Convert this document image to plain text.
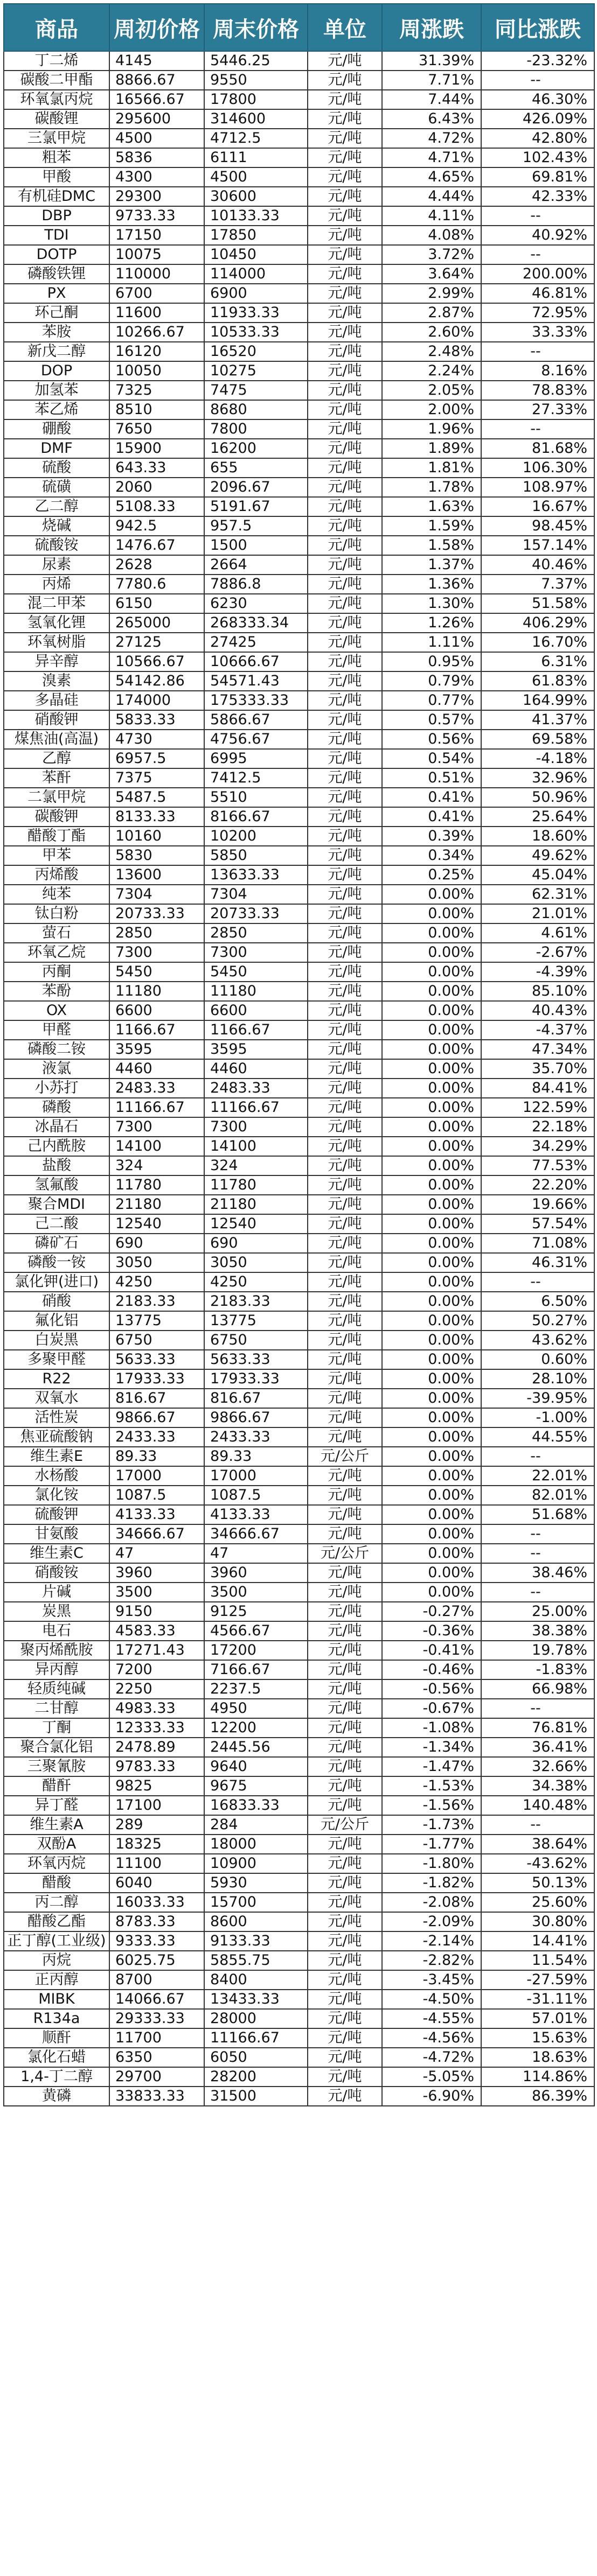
商品	周初价格	周末价格	单位	周涨跌	同比涨跌
丁二烯	4145	5446.25	元/吨	31.39%	-23.32%
碳酸二甲酯	8866.67	9550	元/吨	7.71%	--
环氧氯丙烷	16566.67	17800	元/吨	7.44%	46.30%
碳酸锂	295600	314600	元/吨	6.43%	426.09%
三氯甲烷	4500	4712.5	元/吨	4.72%	42.80%
粗苯	5836	6111	元/吨	4.71%	102.43%
甲酸	4300	4500	元/吨	4.65%	69.81%
有机硅DMC	29300	30600	元/吨	4.44%	42.33%
DBP	9733.33	10133.33	元/吨	4.11%	--
TDI	17150	17850	元/吨	4.08%	40.92%
DOTP	10075	10450	元/吨	3.72%	--
磷酸铁锂	110000	114000	元/吨	3.64%	200.00%
PX	6700	6900	元/吨	2.99%	46.81%
环己酮	11600	11933.33	元/吨	2.87%	72.95%
苯胺	10266.67	10533.33	元/吨	2.60%	33.33%
新戊二醇	16120	16520	元/吨	2.48%	--
DOP	10050	10275	元/吨	2.24%	8.16%
加氢苯	7325	7475	元/吨	2.05%	78.83%
苯乙烯	8510	8680	元/吨	2.00%	27.33%
硼酸	7650	7800	元/吨	1.96%	--
DMF	15900	16200	元/吨	1.89%	81.68%
硫酸	643.33	655	元/吨	1.81%	106.30%
硫磺	2060	2096.67	元/吨	1.78%	108.97%
乙二醇	5108.33	5191.67	元/吨	1.63%	16.67%
烧碱	942.5	957.5	元/吨	1.59%	98.45%
硫酸铵	1476.67	1500	元/吨	1.58%	157.14%
尿素	2628	2664	元/吨	1.37%	40.46%
丙烯	7780.6	7886.8	元/吨	1.36%	7.37%
混二甲苯	6150	6230	元/吨	1.30%	51.58%
氢氧化锂	265000	268333.34	元/吨	1.26%	406.29%
环氧树脂	27125	27425	元/吨	1.11%	16.70%
异辛醇	10566.67	10666.67	元/吨	0.95%	6.31%
溴素	54142.86	54571.43	元/吨	0.79%	61.83%
多晶硅	174000	175333.33	元/吨	0.77%	164.99%
硝酸钾	5833.33	5866.67	元/吨	0.57%	41.37%
煤焦油(高温)	4730	4756.67	元/吨	0.56%	69.58%
乙醇	6957.5	6995	元/吨	0.54%	-4.18%
苯酐	7375	7412.5	元/吨	0.51%	32.96%
二氯甲烷	5487.5	5510	元/吨	0.41%	50.96%
碳酸钾	8133.33	8166.67	元/吨	0.41%	25.64%
醋酸丁酯	10160	10200	元/吨	0.39%	18.60%
甲苯	5830	5850	元/吨	0.34%	49.62%
丙烯酸	13600	13633.33	元/吨	0.25%	45.04%
纯苯	7304	7304	元/吨	0.00%	62.31%
钛白粉	20733.33	20733.33	元/吨	0.00%	21.01%
萤石	2850	2850	元/吨	0.00%	4.61%
环氧乙烷	7300	7300	元/吨	0.00%	-2.67%
丙酮	5450	5450	元/吨	0.00%	-4.39%
苯酚	11180	11180	元/吨	0.00%	85.10%
OX	6600	6600	元/吨	0.00%	40.43%
甲醛	1166.67	1166.67	元/吨	0.00%	-4.37%
磷酸二铵	3595	3595	元/吨	0.00%	47.34%
液氯	4460	4460	元/吨	0.00%	35.70%
小苏打	2483.33	2483.33	元/吨	0.00%	84.41%
磷酸	11166.67	11166.67	元/吨	0.00%	122.59%
冰晶石	7300	7300	元/吨	0.00%	22.18%
己内酰胺	14100	14100	元/吨	0.00%	34.29%
盐酸	324	324	元/吨	0.00%	77.53%
氢氟酸	11780	11780	元/吨	0.00%	22.20%
聚合MDI	21180	21180	元/吨	0.00%	19.66%
己二酸	12540	12540	元/吨	0.00%	57.54%
磷矿石	690	690	元/吨	0.00%	71.08%
磷酸一铵	3050	3050	元/吨	0.00%	46.31%
氯化钾(进口)	4250	4250	元/吨	0.00%	--
硝酸	2183.33	2183.33	元/吨	0.00%	6.50%
氟化铝	13775	13775	元/吨	0.00%	50.27%
白炭黑	6750	6750	元/吨	0.00%	43.62%
多聚甲醛	5633.33	5633.33	元/吨	0.00%	0.60%
R22	17933.33	17933.33	元/吨	0.00%	28.10%
双氧水	816.67	816.67	元/吨	0.00%	-39.95%
活性炭	9866.67	9866.67	元/吨	0.00%	-1.00%
焦亚硫酸钠	2433.33	2433.33	元/吨	0.00%	44.55%
维生素E	89.33	89.33	元/公斤	0.00%	--
水杨酸	17000	17000	元/吨	0.00%	22.01%
氯化铵	1087.5	1087.5	元/吨	0.00%	82.01%
硫酸钾	4133.33	4133.33	元/吨	0.00%	51.68%
甘氨酸	34666.67	34666.67	元/吨	0.00%	--
维生素C	47	47	元/公斤	0.00%	--
硝酸铵	3960	3960	元/吨	0.00%	38.46%
片碱	3500	3500	元/吨	0.00%	--
炭黑	9150	9125	元/吨	-0.27%	25.00%
电石	4583.33	4566.67	元/吨	-0.36%	38.38%
聚丙烯酰胺	17271.43	17200	元/吨	-0.41%	19.78%
异丙醇	7200	7166.67	元/吨	-0.46%	-1.83%
轻质纯碱	2250	2237.5	元/吨	-0.56%	66.98%
二甘醇	4983.33	4950	元/吨	-0.67%	--
丁酮	12333.33	12200	元/吨	-1.08%	76.81%
聚合氯化铝	2478.89	2445.56	元/吨	-1.34%	36.41%
三聚氰胺	9783.33	9640	元/吨	-1.47%	32.66%
醋酐	9825	9675	元/吨	-1.53%	34.38%
异丁醛	17100	16833.33	元/吨	-1.56%	140.48%
维生素A	289	284	元/公斤	-1.73%	--
双酚A	18325	18000	元/吨	-1.77%	38.64%
环氧丙烷	11100	10900	元/吨	-1.80%	-43.62%
醋酸	6040	5930	元/吨	-1.82%	50.13%
丙二醇	16033.33	15700	元/吨	-2.08%	25.60%
醋酸乙酯	8783.33	8600	元/吨	-2.09%	30.80%
正丁醇(工业级)	9333.33	9133.33	元/吨	-2.14%	14.41%
丙烷	6025.75	5855.75	元/吨	-2.82%	11.54%
正丙醇	8700	8400	元/吨	-3.45%	-27.59%
MIBK	14066.67	13433.33	元/吨	-4.50%	-31.11%
R134a	29333.33	28000	元/吨	-4.55%	57.01%
顺酐	11700	11166.67	元/吨	-4.56%	15.63%
氯化石蜡	6350	6050	元/吨	-4.72%	18.63%
1,4-丁二醇	29700	28200	元/吨	-5.05%	114.86%
黄磷	33833.33	31500	元/吨	-6.90%	86.39%
